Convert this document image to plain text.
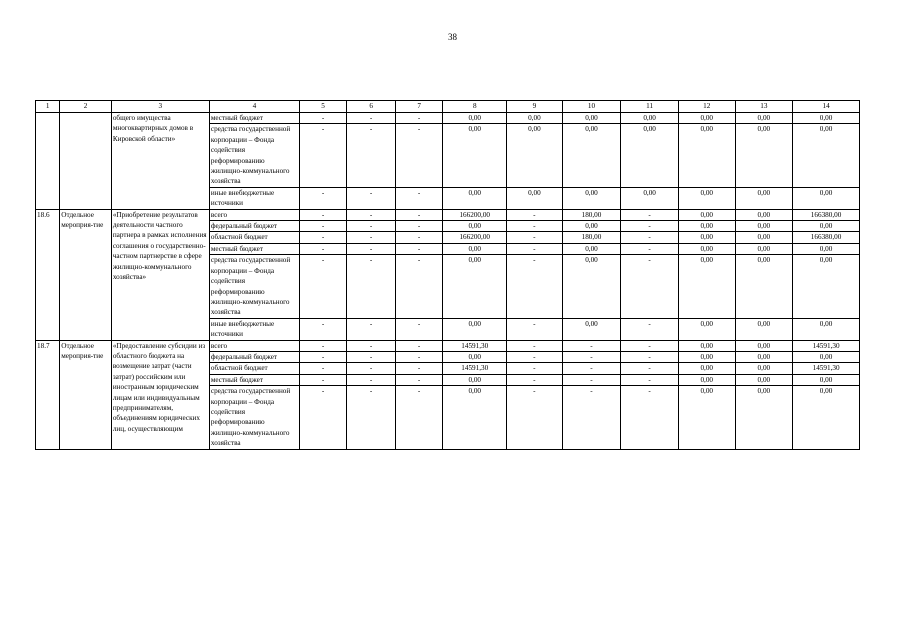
38
1	2	3	4	5	6	7	8	9	10	11	12	13	14
		общего имущества многоквартирных домов в Кировской области»	местный бюджет	-	-	-	0,00	0,00	0,00	0,00	0,00	0,00	0,00
			средства государственной корпорации – Фонда содействия реформированию жилищно-коммунального хозяйства	-	-	-	0,00	0,00	0,00	0,00	0,00	0,00	0,00
			иные внебюджетные источники	-	-	-	0,00	0,00	0,00	0,00	0,00	0,00	0,00
18.6	Отдельное мероприя-тие	«Приобретение результатов деятельности частного партнера в рамках исполнения соглашения о государственно-частном партнерстве в сфере жилищно-коммунального хозяйства»	всего	-	-	-	166200,00	-	180,00	-	0,00	0,00	166380,00
			федеральный бюджет	-	-	-	0,00	-	0,00	-	0,00	0,00	0,00
			областной бюджет	-	-	-	166200,00	-	180,00	-	0,00	0,00	166380,00
			местный бюджет	-	-	-	0,00	-	0,00	-	0,00	0,00	0,00
			средства государственной корпорации – Фонда содействия реформированию жилищно-коммунального хозяйства	-	-	-	0,00	-	0,00	-	0,00	0,00	0,00
			иные внебюджетные источники	-	-	-	0,00	-	0,00	-	0,00	0,00	0,00
18.7	Отдельное мероприя-тие	«Предоставление субсидии из областного бюджета на возмещение затрат (части затрат) российским или иностранным юридическим лицам или индивидуальным предпринимателям, объединениям юридических лиц, осуществляющим	всего	-	-	-	14591,30	-	-	-	0,00	0,00	14591,30
			федеральный бюджет	-	-	-	0,00	-	-	-	0,00	0,00	0,00
			областной бюджет	-	-	-	14591,30	-	-	-	0,00	0,00	14591,30
			местный бюджет	-	-	-	0,00	-	-	-	0,00	0,00	0,00
			средства государственной корпорации – Фонда содействия реформированию жилищно-коммунального хозяйства	-	-	-	0,00	-	-	-	0,00	0,00	0,00
